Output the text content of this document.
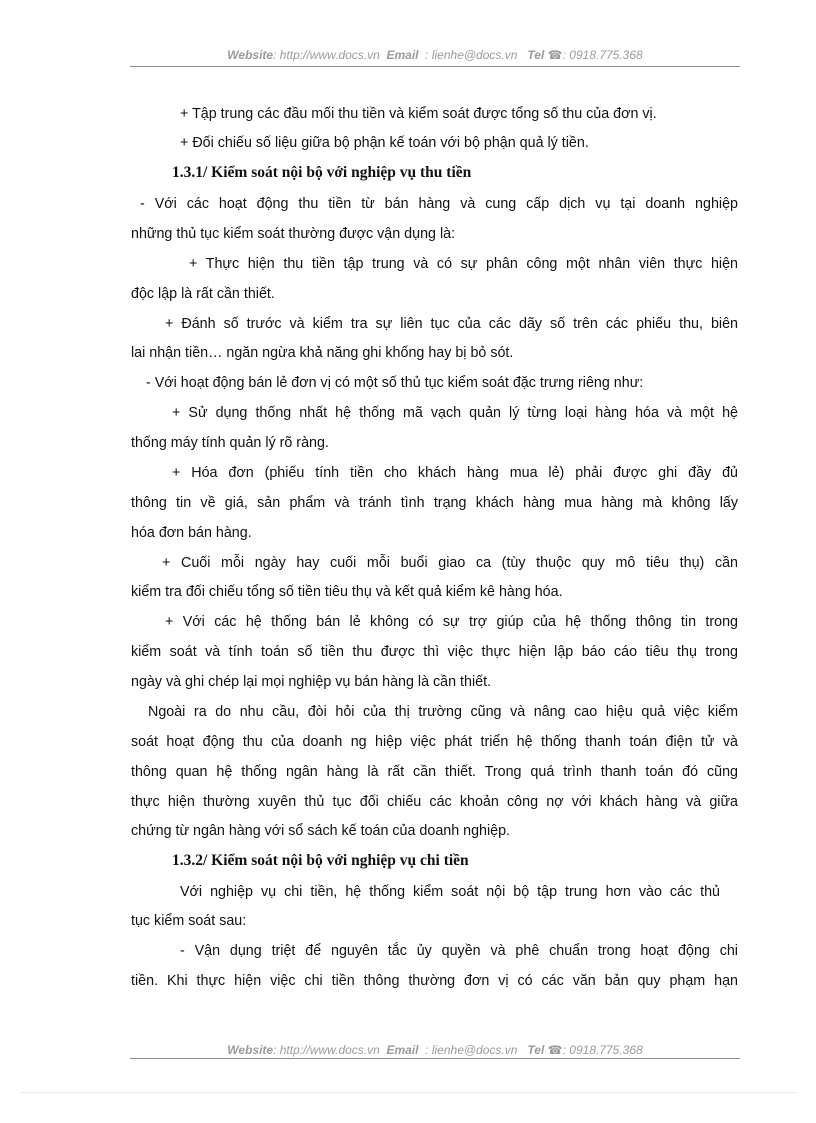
Website: http://www.docs.vn Email : lienhe@docs.vn Tel ☎: 0918.775.368
+ Tập trung các đầu mối thu tiền và kiểm soát được tổng số thu của đơn vị.
+ Đối chiếu số liệu giữa bộ phận kế toán với bộ phận quả lý tiền.
1.3.1/ Kiểm soát nội bộ với nghiệp vụ thu tiền
- Với các hoạt động thu tiền từ bán hàng và cung cấp dịch vụ tại doanh nghiệp
những thủ tục kiểm soát thường được vận dụng là:
+ Thực hiện thu tiền tập trung và có sự phân công một nhân viên thực hiện
độc lập là rất cần thiết.
+ Đánh số trước và kiểm tra sự liên tục của các dãy số trên các phiếu thu, biên
lai nhận tiền… ngăn ngừa khả năng ghi khống hay bị bỏ sót.
- Với hoạt động bán lẻ đơn vị có một số thủ tục kiểm soát đặc trưng riêng như:
+ Sử dụng thống nhất hệ thống mã vạch quản lý từng loại hàng hóa và một hệ
thống máy tính quản lý rõ ràng.
+ Hóa đơn (phiếu tính tiền cho khách hàng mua lẻ) phải được ghi đầy đủ
thông tin về giá, sản phẩm và tránh tình trạng khách hàng mua hàng mà không lấy
hóa đơn bán hàng.
+ Cuối mỗi ngày hay cuối mỗi buổi giao ca (tùy thuộc quy mô tiêu thụ) cần
kiểm tra đối chiếu tổng số tiền tiêu thụ và kết quả kiểm kê hàng hóa.
+ Với các hệ thống bán lẻ không có sự trợ giúp của hệ thống thông tin trong
kiểm soát và tính toán số tiền thu được thì việc thực hiện lập báo cáo tiêu thụ trong
ngày và ghi chép lại mọi nghiệp vụ bán hàng là cần thiết.
Ngoài ra do nhu cầu, đòi hỏi của thị trường cũng và nâng cao hiệu quả việc kiểm
soát hoạt động thu của doanh ng hiệp việc phát triển hệ thống thanh toán điện tử và
thông quan hệ thống ngân hàng là rất cần thiết. Trong quá trình thanh toán đó cũng
thực hiện thường xuyên thủ tục đối chiếu các khoản công nợ với khách hàng và giữa
chứng từ ngân hàng với sổ sách kế toán của doanh nghiệp.
1.3.2/ Kiểm soát nội bộ với nghiệp vụ chi tiền
Với nghiệp vụ chi tiền, hệ thống kiểm soát nội bộ tập trung hơn vào các thủ
tục kiểm soát sau:
- Vận dụng triệt để nguyên tắc ủy quyền và phê chuẩn trong hoạt động chi
tiền. Khi thực hiện việc chi tiền thông thường đơn vị có các văn bản quy phạm hạn
Website: http://www.docs.vn Email : lienhe@docs.vn Tel ☎: 0918.775.368
